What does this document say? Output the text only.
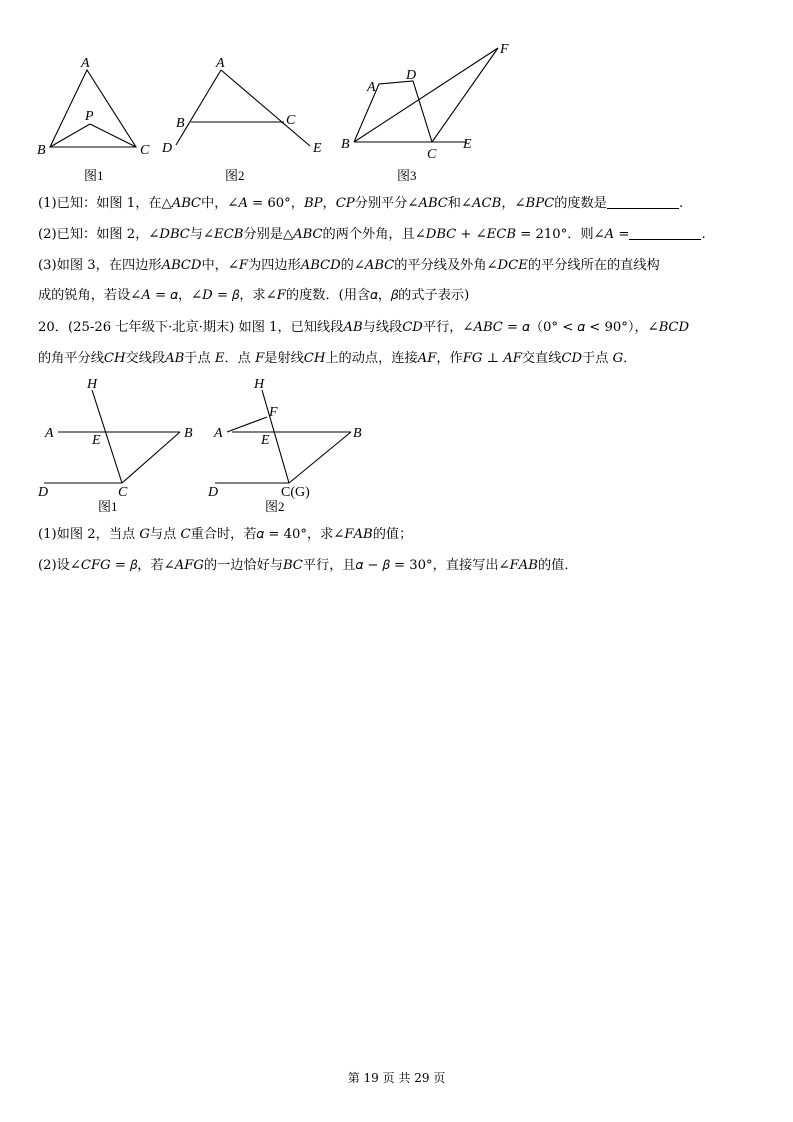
A
B	C
P
图1
A
B	C
D	E
图2
A
D
F
B
C
E
图3
(1)已知：如图 1，在△𝐴𝐵𝐶中，∠𝐴 = 60°，𝐵𝑃，𝐶𝑃分别平分∠𝐴𝐵𝐶和∠𝐴𝐶𝐵，∠𝐵𝑃𝐶的度数是	.
(2)已知：如图 2，∠𝐷𝐵𝐶与∠𝐸𝐶𝐵分别是△𝐴𝐵𝐶的两个外角，且∠𝐷𝐵𝐶 + ∠𝐸𝐶𝐵 = 210°．则∠𝐴 =	.
(3)如图 3，在四边形𝐴𝐵𝐶𝐷中，∠𝐹为四边形𝐴𝐵𝐶𝐷的∠𝐴𝐵𝐶的平分线及外角∠𝐷𝐶𝐸的平分线所在的直线构
成的锐角，若设∠𝐴 = 𝛼，∠𝐷 = 𝛽，求∠𝐹的度数．(用含𝛼，𝛽的式子表示)
20．(25-26 七年级下·北京·期末) 如图 1，已知线段𝐴𝐵与线段𝐶𝐷平行，∠𝐴𝐵𝐶 = 𝛼（0° < 𝛼 < 90°），∠𝐵𝐶𝐷
的角平分线𝐶𝐻交线段𝐴𝐵于点 𝐸．点 𝐹是射线𝐶𝐻上的动点，连接𝐴𝐹，作𝐹𝐺 ⊥ 𝐴𝐹交直线𝐶𝐷于点 𝐺．
H
A	E	B
D	C
图1
H
F
A	E	B
D	C(G)
图2
(1)如图 2，当点 𝐺与点 𝐶重合时，若𝛼 = 40°，求∠𝐹𝐴𝐵的值；
(2)设∠𝐶𝐹𝐺 = 𝛽，若∠𝐴𝐹𝐺的一边恰好与𝐵𝐶平行，且𝛼 − 𝛽 = 30°，直接写出∠𝐹𝐴𝐵的值．
第 19 页 共 29 页
